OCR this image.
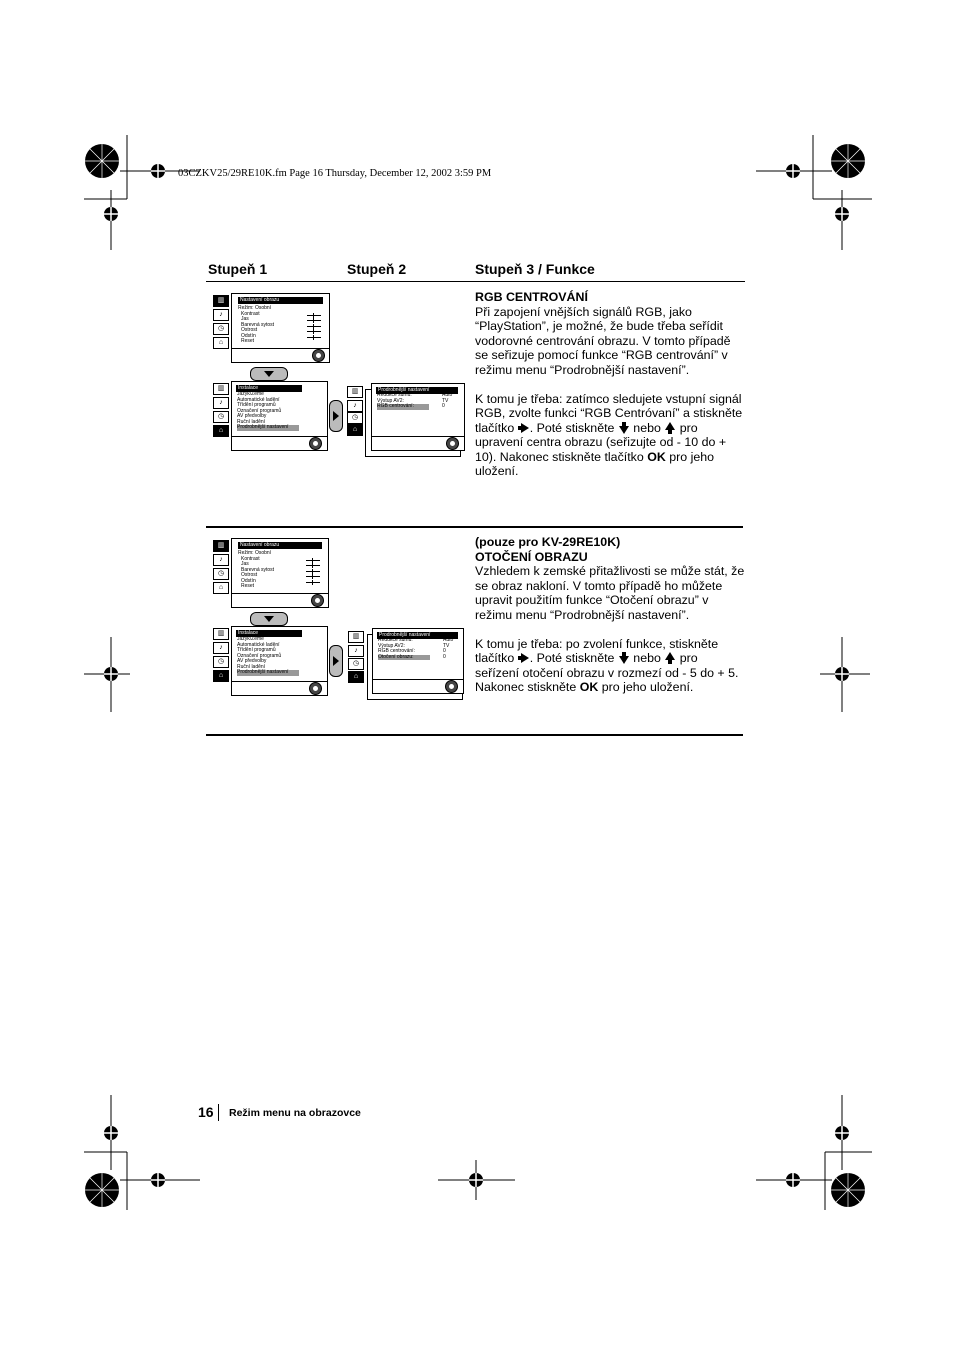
03CZKV25/29RE10K.fm Page 16 Thursday, December 12, 2002 3:59 PM
Stupeň 1	Stupeň 2	Stupeň 3 / Funkce
▥
♪
◷
⌂
Nastavení obrazu
Režim: Osobní
Kontrast
Jas
Barevná sytost
Ostrost
Odstín
Reset
▥
♪
◷
⌂
Instalace
Jazyk/Země
Automatické ladění
Třídění programů
Označení programů
AV předvolby
Ruční ladění
Prodrobnější nastavení
▥
♪
◷
⌂
Prodrobnější nastavení
Redukce šumu:
Výstup AV2:
RGB centrování:
Auto
TV
0

RGB CENTROVÁNÍ

Při zapojení vnějších signálů RGB, jako “PlayStation”, je možné, že bude třeba seřídit vodorovné centrování obrazu. V tomto případě se seřizuje pomocí funkce “RGB centrování” v režimu menu “Prodrobnější nastavení”.

K tomu je třeba: zatímco sledujete vstupní signál RGB, zvolte funkci “RGB Centróvaní” a stiskněte tlačítko . Poté stiskněte  nebo  pro upravení centra obrazu (seřizujte od - 10 do + 10). Nakonec stiskněte tlačítko OK pro jeho uložení.

▥
♪
◷
⌂
Nastavení obrazu
Režim: Osobní
Kontrast
Jas
Barevná sytost
Ostrost
Odstín
Reset
▥
♪
◷
⌂
Instalace
Jazyk/Země
Automatické ladění
Třídění programů
Označení programů
AV předvolby
Ruční ladění
Prodrobnější nastavení
▥
♪
◷
⌂
Prodrobnější nastavení
Redukce šumu:
Výstup AV2:
RGB centrování:
Otočení obrazu:
Auto
TV
0
0

(pouze pro KV-29RE10K)

OTOČENÍ OBRAZU

Vzhledem k zemské přitažlivosti se může stát, že se obraz nakloní. V tomto případě ho můžete upravit použitím funkce “Otočení obrazu” v režimu menu “Prodrobnější nastavení”.

K tomu je třeba: po zvolení funkce, stiskněte tlačítko . Poté stiskněte  nebo  pro seřízení otočení obrazu v rozmezí od - 5 do + 5. Nakonec stiskněte OK pro jeho uložení.

16 Režim menu na obrazovce
